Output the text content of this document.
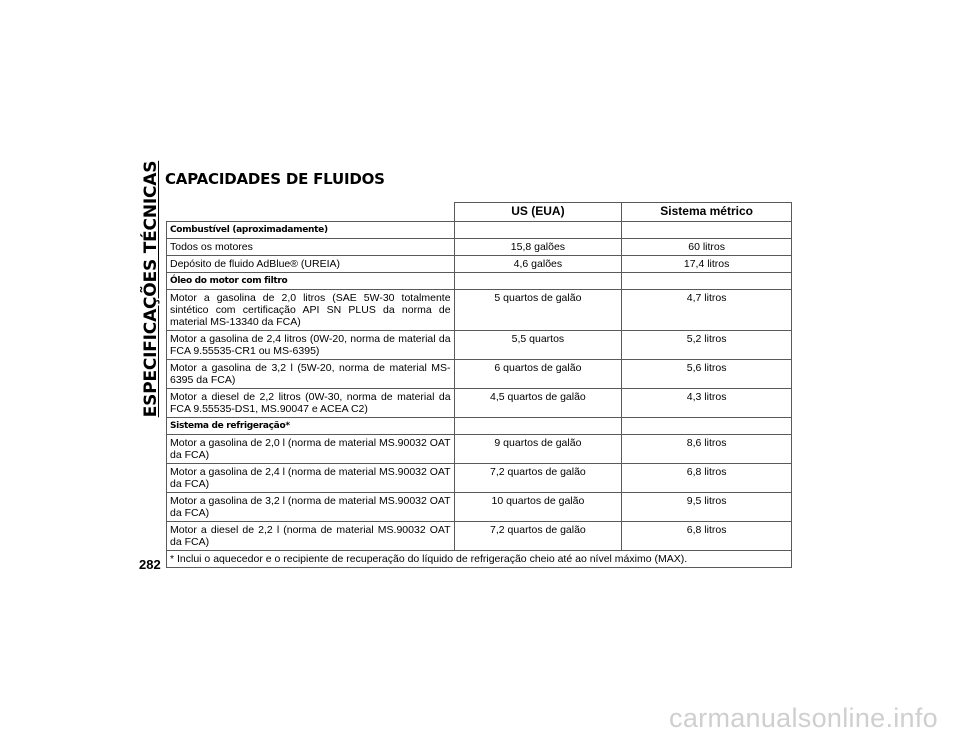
ESPECIFICAÇÕES TÉCNICAS
282
CAPACIDADES DE FLUIDOS
	US (EUA)	Sistema métrico
Combustível (aproximadamente)		
Todos os motores	15,8 galões	60 litros
Depósito de fluido AdBlue® (UREIA)	4,6 galões	17,4 litros
Óleo do motor com filtro		
Motor a gasolina de 2,0 litros (SAE 5W-30 totalmente sintético com certificação API SN PLUS da norma de material MS-13340 da FCA)	5 quartos de galão	4,7 litros
Motor a gasolina de 2,4 litros (0W-20, norma de material da FCA 9.55535-CR1 ou MS-6395)	5,5 quartos	5,2 litros
Motor a gasolina de 3,2 l (5W-20, norma de material MS-6395 da FCA)	6 quartos de galão	5,6 litros
Motor a diesel de 2,2 litros (0W-30, norma de material da FCA 9.55535-DS1, MS.90047 e ACEA C2)	4,5 quartos de galão	4,3 litros
Sistema de refrigeração*		
Motor a gasolina de 2,0 l (norma de material MS.90032 OAT da FCA)	9 quartos de galão	8,6 litros
Motor a gasolina de 2,4 l (norma de material MS.90032 OAT da FCA)	7,2 quartos de galão	6,8 litros
Motor a gasolina de 3,2 l (norma de material MS.90032 OAT da FCA)	10 quartos de galão	9,5 litros
Motor a diesel de 2,2 l (norma de material MS.90032 OAT da FCA)	7,2 quartos de galão	6,8 litros
* Inclui o aquecedor e o recipiente de recuperação do líquido de refrigeração cheio até ao nível máximo (MAX).		
carmanualsonline.info
